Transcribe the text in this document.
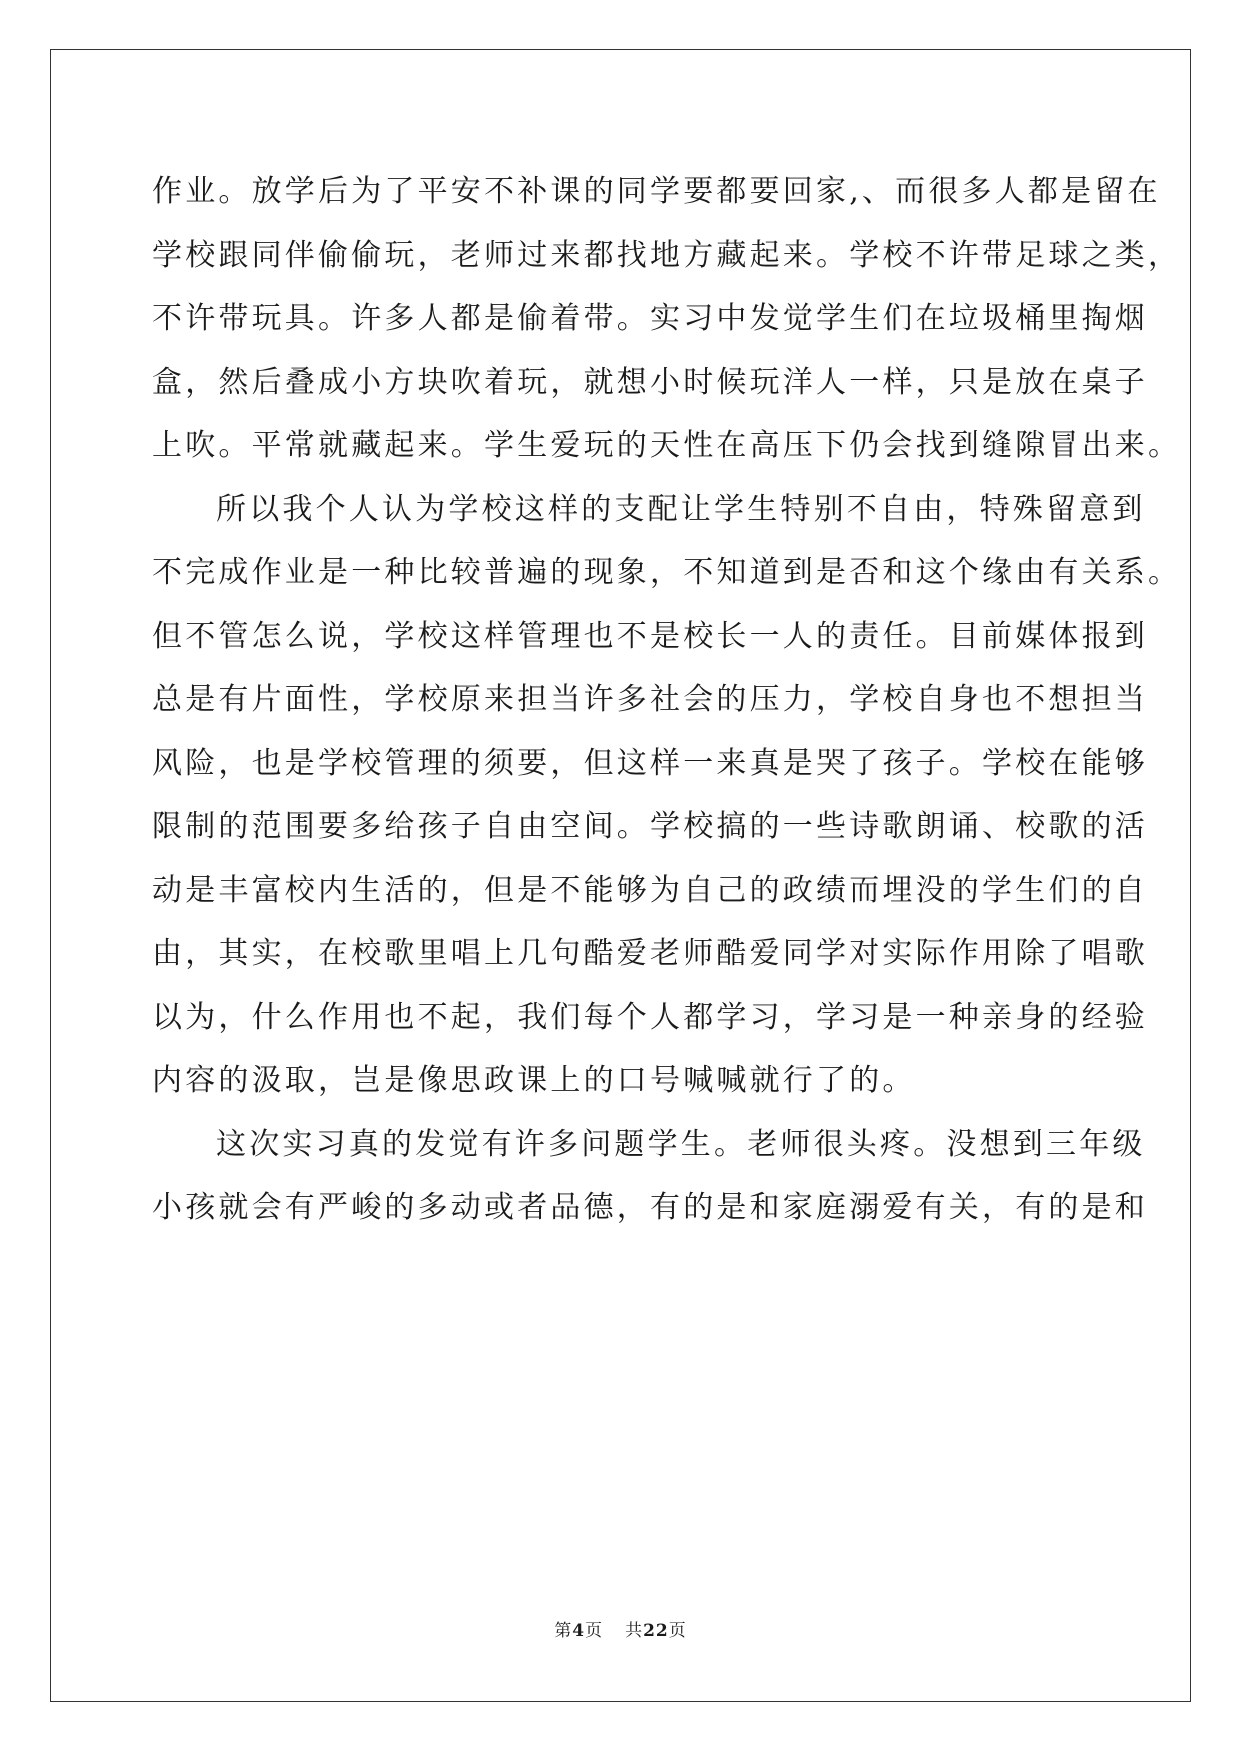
作业。放学后为了平安不补课的同学要都要回家,、而很多人都是留在
学校跟同伴偷偷玩，老师过来都找地方藏起来。学校不许带足球之类，
不许带玩具。许多人都是偷着带。实习中发觉学生们在垃圾桶里掏烟
盒，然后叠成小方块吹着玩，就想小时候玩洋人一样，只是放在桌子
上吹。平常就藏起来。学生爱玩的天性在高压下仍会找到缝隙冒出来。
所以我个人认为学校这样的支配让学生特别不自由，特殊留意到
不完成作业是一种比较普遍的现象，不知道到是否和这个缘由有关系。
但不管怎么说，学校这样管理也不是校长一人的责任。目前媒体报到
总是有片面性，学校原来担当许多社会的压力，学校自身也不想担当
风险，也是学校管理的须要，但这样一来真是哭了孩子。学校在能够
限制的范围要多给孩子自由空间。学校搞的一些诗歌朗诵、校歌的活
动是丰富校内生活的，但是不能够为自己的政绩而埋没的学生们的自
由，其实，在校歌里唱上几句酷爱老师酷爱同学对实际作用除了唱歌
以为，什么作用也不起，我们每个人都学习，学习是一种亲身的经验
内容的汲取，岂是像思政课上的口号喊喊就行了的。
这次实习真的发觉有许多问题学生。老师很头疼。没想到三年级
小孩就会有严峻的多动或者品德，有的是和家庭溺爱有关，有的是和
第4页 共22页
